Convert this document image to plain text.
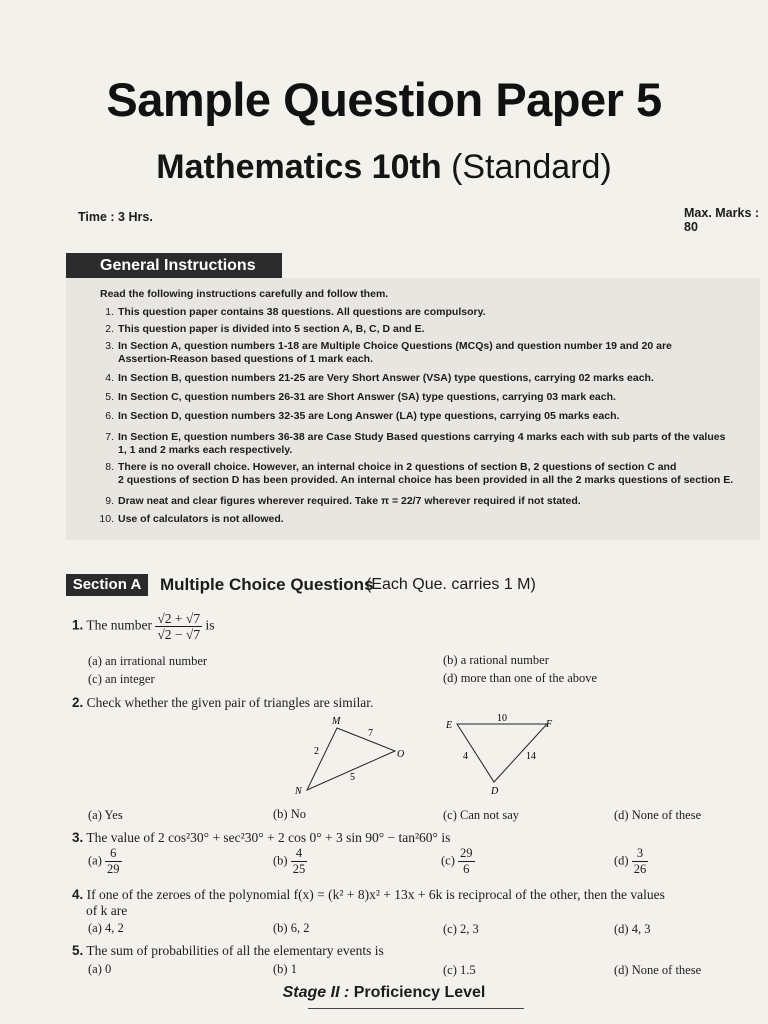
Sample Question Paper 5
Mathematics 10th (Standard)
Time : 3 Hrs.	Max. Marks : 80
General Instructions
Read the following instructions carefully and follow them.
1. This question paper contains 38 questions. All questions are compulsory.
2. This question paper is divided into 5 section A, B, C, D and E.
3. In Section A, question numbers 1-18 are Multiple Choice Questions (MCQs) and question number 19 and 20 are
Assertion-Reason based questions of 1 mark each.
4. In Section B, question numbers 21-25 are Very Short Answer (VSA) type questions, carrying 02 marks each.
5. In Section C, question numbers 26-31 are Short Answer (SA) type questions, carrying 03 mark each.
6. In Section D, question numbers 32-35 are Long Answer (LA) type questions, carrying 05 marks each.
7. In Section E, question numbers 36-38 are Case Study Based questions carrying 4 marks each with sub parts of the values
1, 1 and 2 marks each respectively.
8. There is no overall choice. However, an internal choice in 2 questions of section B, 2 questions of section C and
2 questions of section D has been provided. An internal choice has been provided in all the 2 marks questions of section E.
9. Draw neat and clear figures wherever required. Take π = 22/7 wherever required if not stated.
10. Use of calculators is not allowed.
Section A	Multiple Choice Questions
(Each Que. carries 1 M)
1. The number $\frac{√2 + √7}{√2 - √7}$ is
(a) an irrational number	(b) a rational number
(c) an integer	(d) more than one of the above
2. Check whether the given pair of triangles are similar.
M
O
N
7
2
5
E	F
D
10
4	14
(a) Yes	(b) No	(c) Can not say	(d) None of these
3. The value of 2 cos²30° + sec²30° + 2 cos 0° + 3 sin 90° − tan²60° is
$(a) \frac{6}{29}$	$(b) \frac{4}{25}$	$(c) \frac{29}{6}$	$(d) \frac{3}{26}$
4. If one of the zeroes of the polynomial f(x) = (k² + 8)x² + 13x + 6k is reciprocal of the other, then the values
of k are
(a) 4, 2	(b) 6, 2	(c) 2, 3	(d) 4, 3
5. The sum of probabilities of all the elementary events is
(a) 0	(b) 1	(c) 1.5	(d) None of these
Stage II : Proficiency Level
